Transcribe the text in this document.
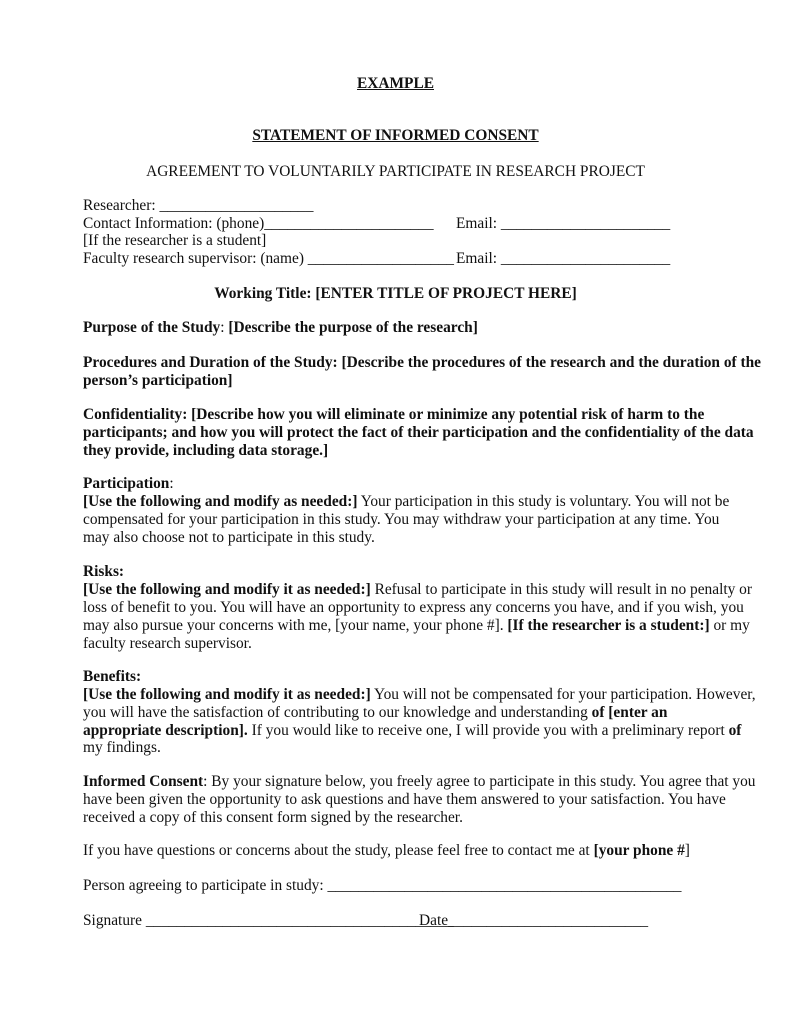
EXAMPLE
STATEMENT OF INFORMED CONSENT
AGREEMENT TO VOLUNTARILY PARTICIPATE IN RESEARCH PROJECT
Researcher: ____________________
Contact Information: (phone)______________________ Email: ______________________
[If the researcher is a student]
Faculty research supervisor: (name) ___________________ Email: ______________________
Working Title: [ENTER TITLE OF PROJECT HERE]
Purpose of the Study: [Describe the purpose of the research]
Procedures and Duration of the Study: [Describe the procedures of the research and the duration of the
person’s participation]
Confidentiality: [Describe how you will eliminate or minimize any potential risk of harm to the
participants; and how you will protect the fact of their participation and the confidentiality of the data
they provide, including data storage.]
Participation:
[Use the following and modify as needed:] Your participation in this study is voluntary. You will not be
compensated for your participation in this study. You may withdraw your participation at any time. You
may also choose not to participate in this study.
Risks:
[Use the following and modify it as needed:] Refusal to participate in this study will result in no penalty or
loss of benefit to you. You will have an opportunity to express any concerns you have, and if you wish, you
may also pursue your concerns with me, [your name, your phone #]. [If the researcher is a student:] or my
faculty research supervisor.
Benefits:
[Use the following and modify it as needed:] You will not be compensated for your participation. However,
you will have the satisfaction of contributing to our knowledge and understanding of [enter an
appropriate description]. If you would like to receive one, I will provide you with a preliminary report of
my findings.
Informed Consent: By your signature below, you freely agree to participate in this study. You agree that you
have been given the opportunity to ask questions and have them answered to your satisfaction. You have
received a copy of this consent form signed by the researcher.
If you have questions or concerns about the study, please feel free to contact me at [your phone #]
Person agreeing to participate in study: ______________________________________________
Signature ________________________________________
Date__________________________
